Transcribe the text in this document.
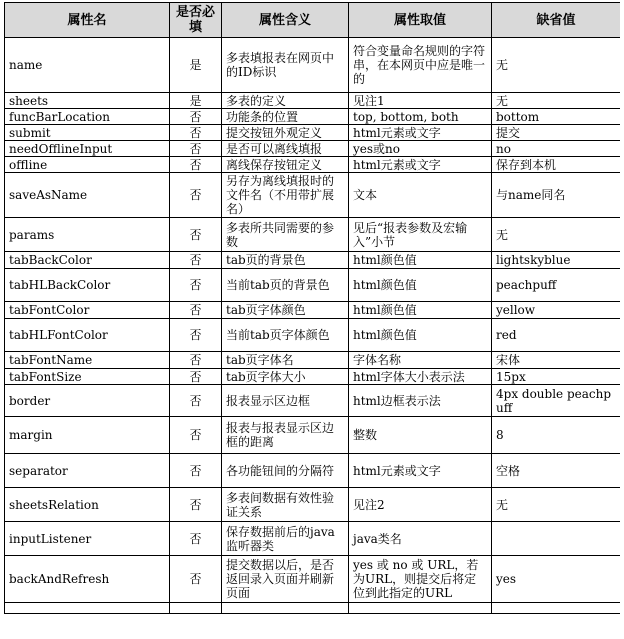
属性名	是否必填	属性含义	属性取值	缺省值
name	是	多表填报表在网页中的ID标识	符合变量命名规则的字符串，在本网页中应是唯一的	无
sheets	是	多表的定义	见注1	无
funcBarLocation	否	功能条的位置	top, bottom, both	bottom
submit	否	提交按钮外观定义	html元素或文字	提交
needOfflineInput	否	是否可以离线填报	yes或no	no
offline	否	离线保存按钮定义	html元素或文字	保存到本机
saveAsName	否	另存为离线填报时的文件名（不用带扩展名）	文本	与name同名
params	否	多表所共同需要的参数	见后“报表参数及宏输入”小节	无
tabBackColor	否	tab页的背景色	html颜色值	lightskyblue
tabHLBackColor	否	当前tab页的背景色	html颜色值	peachpuff
tabFontColor	否	tab页字体颜色	html颜色值	yellow
tabHLFontColor	否	当前tab页字体颜色	html颜色值	red
tabFontName	否	tab页字体名	字体名称	宋体
tabFontSize	否	tab页字体大小	html字体大小表示法	15px
border	否	报表显示区边框	html边框表示法	4px double peachpuff
margin	否	报表与报表显示区边框的距离	整数	8
separator	否	各功能钮间的分隔符	html元素或文字	空格
sheetsRelation	否	多表间数据有效性验证关系	见注2	无
inputListener	否	保存数据前后的java监听器类	java类名	
backAndRefresh	否	提交数据以后，是否返回录入页面并刷新页面	yes 或 no 或 URL，若为URL，则提交后将定位到此指定的URL	yes
